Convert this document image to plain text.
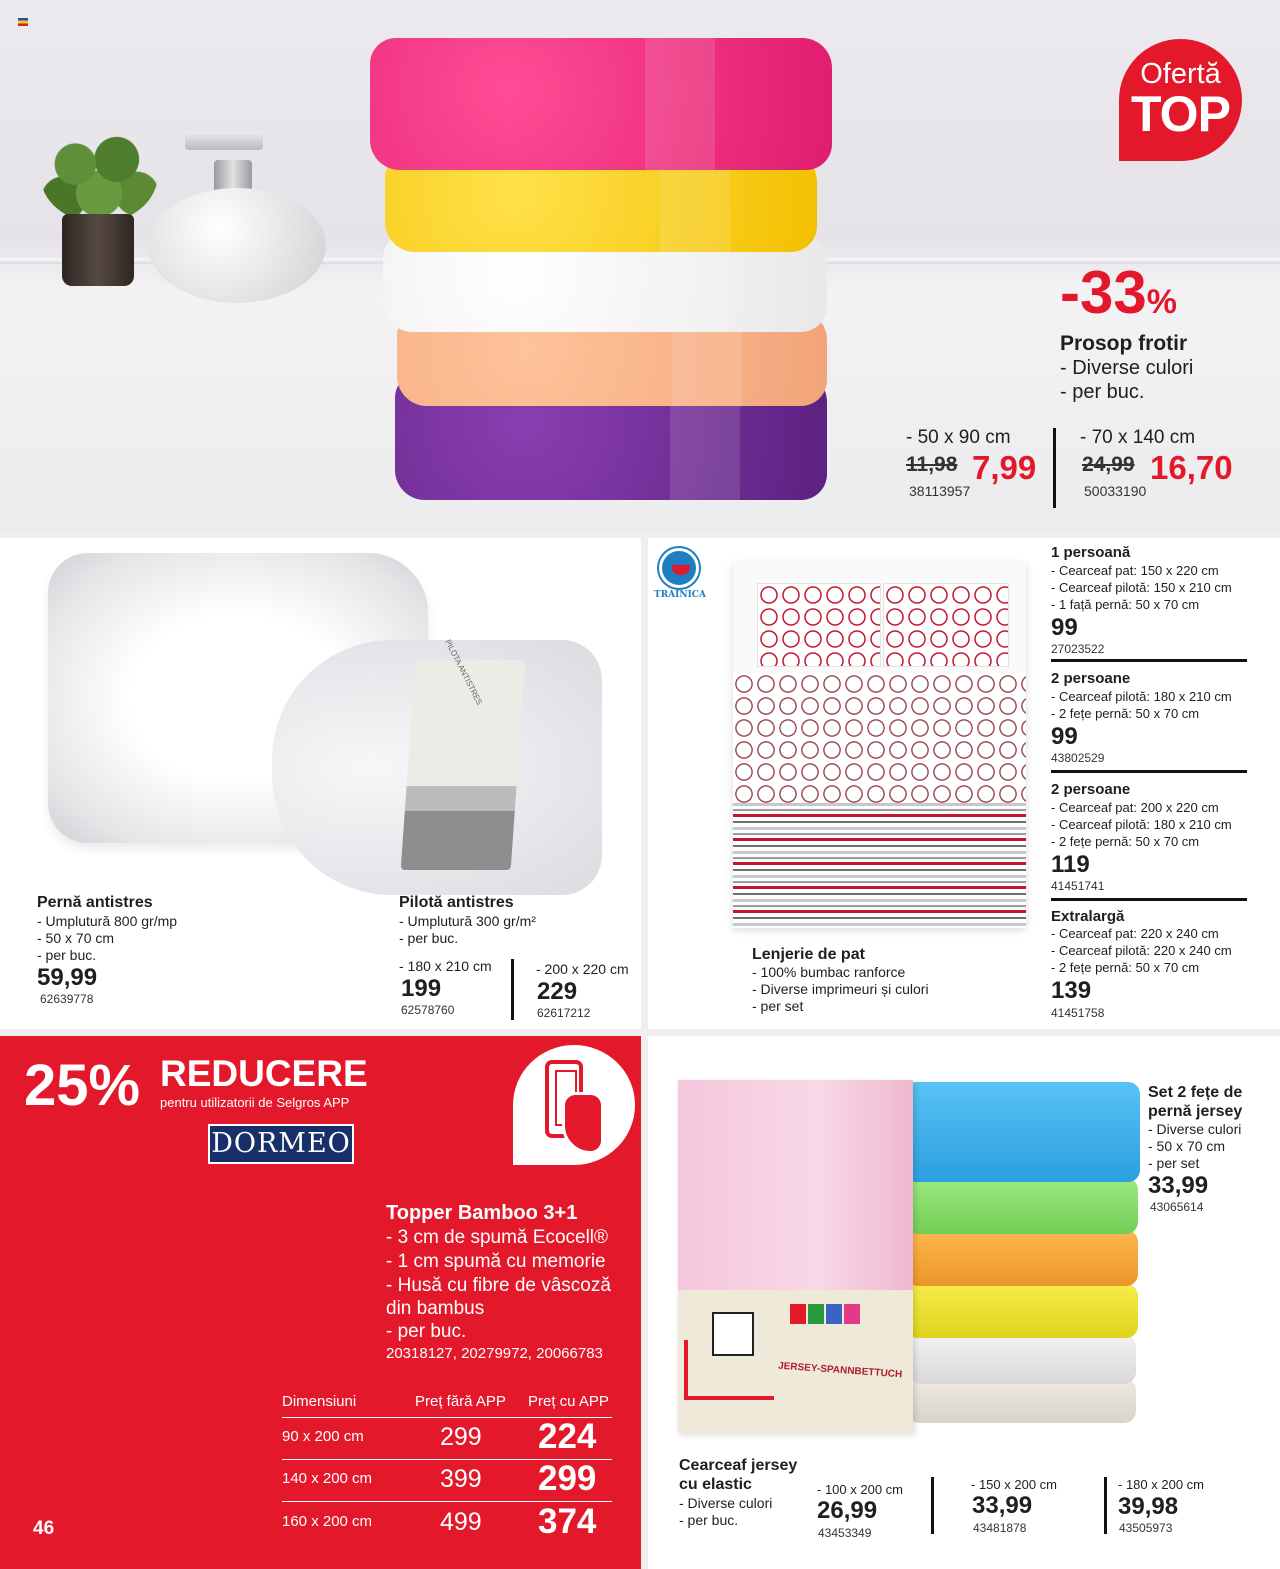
Ofertă
TOP
-33%
Prosop frotir
- Diverse culori
- per buc.
- 50 x 90 cm
11,98 7,99
38113957
- 70 x 140 cm
24,99 16,70
50033190
PILOTA ANTISTRES
Pernă antistres
- Umplutură 800 gr/mp
- 50 x 70 cm
- per buc.
59,99
62639778
Pilotă antistres
- Umplutură 300 gr/m²
- per buc.
- 180 x 210 cm
199
62578760
- 200 x 220 cm
229
62617212
TRAINICA
Lenjerie de pat
- 100% bumbac ranforce
- Diverse imprimeuri și culori
- per set
1 persoană
- Cearceaf pat: 150 x 220 cm
- Cearceaf pilotă: 150 x 210 cm
- 1 față pernă: 50 x 70 cm
99
27023522
2 persoane
- Cearceaf pilotă: 180 x 210 cm
- 2 fețe pernă: 50 x 70 cm
99
43802529
2 persoane
- Cearceaf pat: 200 x 220 cm
- Cearceaf pilotă: 180 x 210 cm
- 2 fețe pernă: 50 x 70 cm
119
41451741
Extralargă
- Cearceaf pat: 220 x 240 cm
- Cearceaf pilotă: 220 x 240 cm
- 2 fețe pernă: 50 x 70 cm
139
41451758
25% REDUCERE
pentru utilizatorii de Selgros APP
DORMEO
Topper Bamboo 3+1
- 3 cm de spumă Ecocell®
- 1 cm spumă cu memorie
- Husă cu fibre de vâscoză
din bambus
- per buc.
20318127, 20279972, 20066783
Dimensiuni	Preț fără APP Preț cu APP
90 x 200 cm	299 224
140 x 200 cm	399 299
160 x 200 cm	499 374
46
JERSEY-SPANNBETTUCH
Set 2 fețe de
pernă jersey
- Diverse culori
- 50 x 70 cm
- per set
33,99
43065614
Cearceaf jersey
cu elastic
- Diverse culori
- per buc.
- 100 x 200 cm
26,99
43453349
- 150 x 200 cm
33,99
43481878
- 180 x 200 cm
39,98
43505973
